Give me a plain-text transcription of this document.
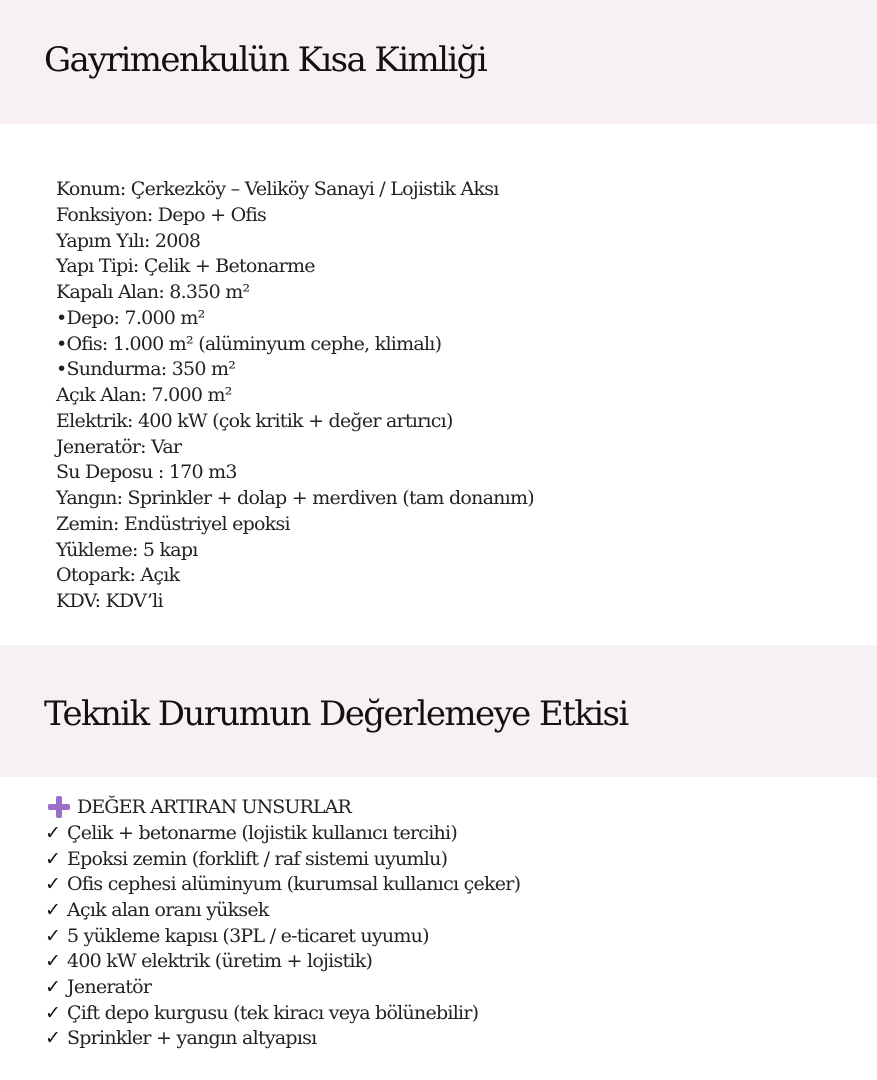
Gayrimenkulün Kısa Kimliği
Konum: Çerkezköy – Veliköy Sanayi / Lojistik Aksı
Fonksiyon: Depo + Ofis
Yapım Yılı: 2008
Yapı Tipi: Çelik + Betonarme
Kapalı Alan: 8.350 m²
•Depo: 7.000 m²
•Ofis: 1.000 m² (alüminyum cephe, klimalı)
•Sundurma: 350 m²
Açık Alan: 7.000 m²
Elektrik: 400 kW (çok kritik + değer artırıcı)
Jeneratör: Var
Su Deposu : 170 m3
Yangın: Sprinkler + dolap + merdiven (tam donanım)
Zemin: Endüstriyel epoksi
Yükleme: 5 kapı
Otopark: Açık
KDV: KDV’li
Teknik Durumun Değerlemeye Etkisi
DEĞER ARTIRAN UNSURLAR
✓ Çelik + betonarme (lojistik kullanıcı tercihi)
✓ Epoksi zemin (forklift / raf sistemi uyumlu)
✓ Ofis cephesi alüminyum (kurumsal kullanıcı çeker)
✓ Açık alan oranı yüksek
✓ 5 yükleme kapısı (3PL / e-ticaret uyumu)
✓ 400 kW elektrik (üretim + lojistik)
✓ Jeneratör
✓ Çift depo kurgusu (tek kiracı veya bölünebilir)
✓ Sprinkler + yangın altyapısı
